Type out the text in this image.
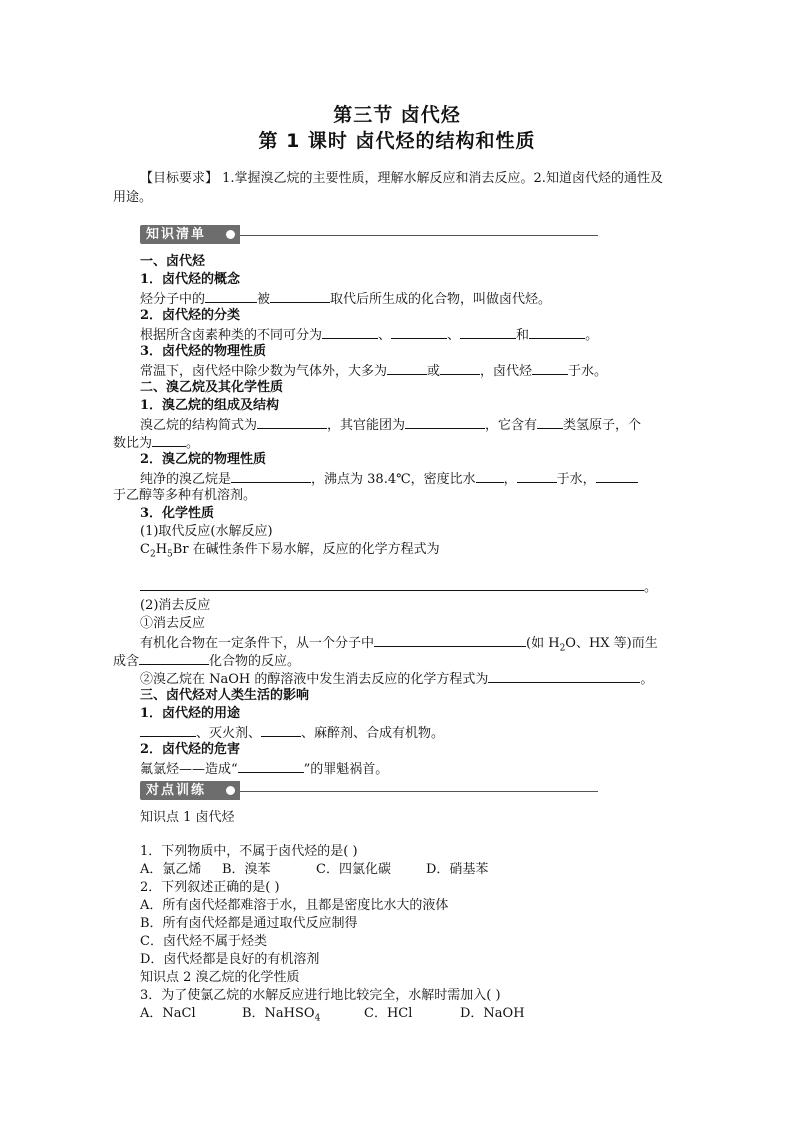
第三节 卤代烃
第 1 课时 卤代烃的结构和性质
【目标要求】 1.掌握溴乙烷的主要性质，理解水解反应和消去反应。2.知道卤代烃的通性及
用途。
知识清单
一、卤代烃
1．卤代烃的概念
烃分子中的	被	取代后所生成的化合物，叫做卤代烃。
2．卤代烃的分类
根据所含卤素种类的不同可分为	、	、	和	。
3．卤代烃的物理性质
常温下，卤代烃中除少数为气体外，大多为	或	，卤代烃	于水。
二、溴乙烷及其化学性质
1．溴乙烷的组成及结构
溴乙烷的结构简式为	，其官能团为	，它含有 类氢原子，个
数比为	。
2．溴乙烷的物理性质
纯净的溴乙烷是	，沸点为 38.4℃，密度比水 ，	于水，
于乙醇等多种有机溶剂。
3．化学性质
(1)取代反应(水解反应)
$C_2H_5Br$ 在碱性条件下易水解，反应的化学方程式为
。
(2)消去反应
①消去反应
有机化合物在一定条件下，从一个分子中	(如 $H_2O$、HX 等)而生
成含	化合物的反应。
②溴乙烷在 NaOH 的醇溶液中发生消去反应的化学方程式为	。
三、卤代烃对人类生活的影响
1．卤代烃的用途
、灭火剂、	、麻醉剂、合成有机物。
2．卤代烃的危害
氟氯烃——造成“	”的罪魁祸首。
对点训练
知识点 1 卤代烃
1．下列物质中，不属于卤代烃的是( )
A．氯乙烯 B．溴苯	C．四氯化碳	D．硝基苯
2．下列叙述正确的是( )
A．所有卤代烃都难溶于水，且都是密度比水大的液体
B．所有卤代烃都是通过取代反应制得
C．卤代烃不属于烃类
D．卤代烃都是良好的有机溶剂
知识点 2 溴乙烷的化学性质
3．为了使氯乙烷的水解反应进行地比较完全，水解时需加入( )
A．NaCl	B．NaHSO$_4$	C．HCl	D．NaOH
